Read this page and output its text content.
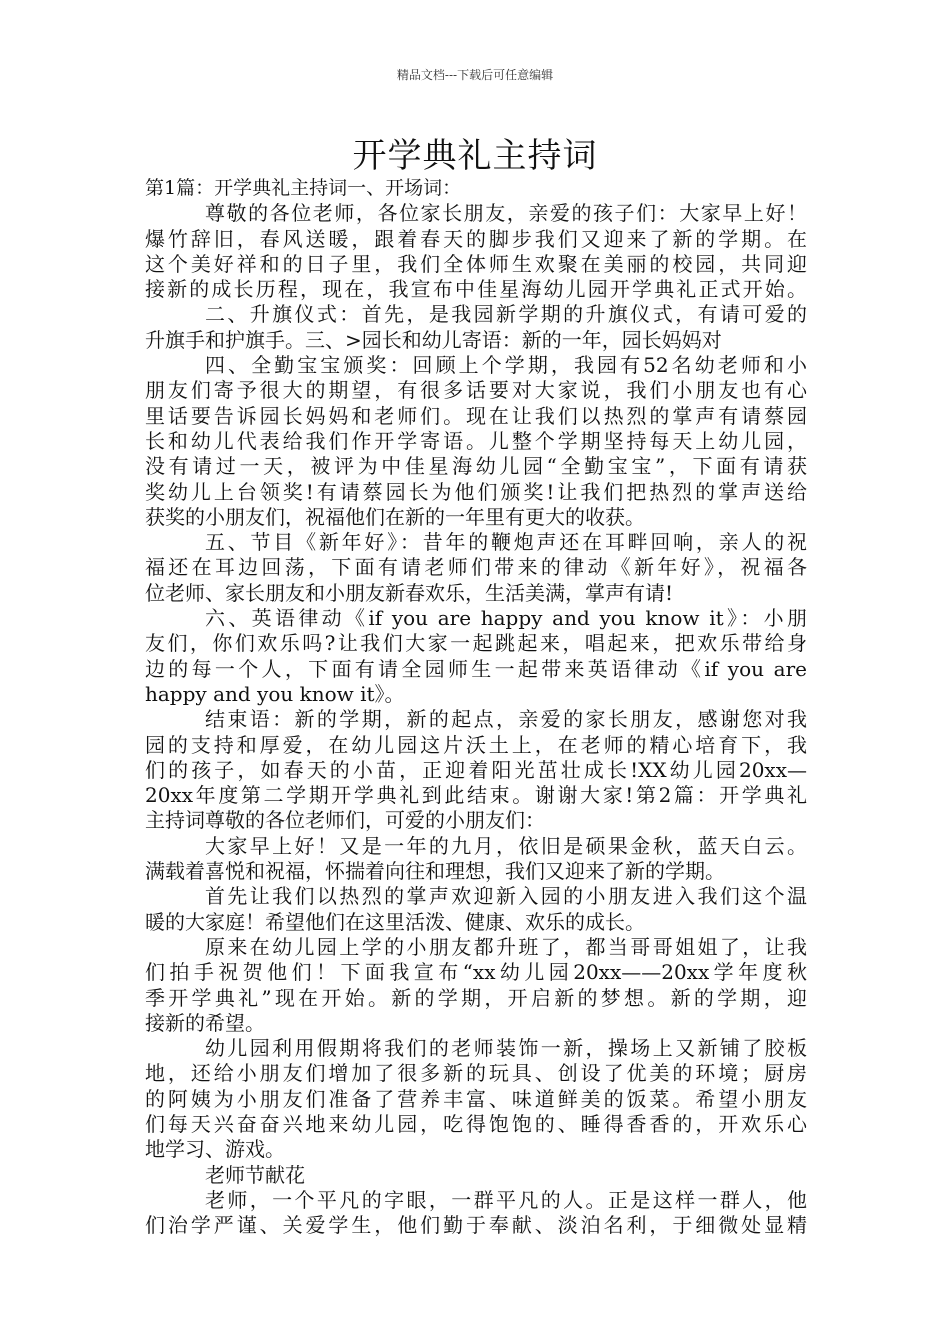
精品文档---下载后可任意编辑
开学典礼主持词
第1篇：开学典礼主持词一、开场词：
尊敬的各位老师，各位家长朋友，亲爱的孩子们：大家早上好！
爆竹辞旧，春风送暖，跟着春天的脚步我们又迎来了新的学期。在
这个美好祥和的日子里，我们全体师生欢聚在美丽的校园，共同迎
接新的成长历程，现在，我宣布中佳星海幼儿园开学典礼正式开始。
二、升旗仪式：首先，是我园新学期的升旗仪式，有请可爱的
升旗手和护旗手。三、>园长和幼儿寄语：新的一年，园长妈妈对
四、全勤宝宝颁奖：回顾上个学期，我园有52名幼老师和小
朋友们寄予很大的期望，有很多话要对大家说，我们小朋友也有心
里话要告诉园长妈妈和老师们。现在让我们以热烈的掌声有请蔡园
长和幼儿代表给我们作开学寄语。儿整个学期坚持每天上幼儿园，
没有请过一天，被评为中佳星海幼儿园“全勤宝宝”，下面有请获
奖幼儿上台领奖!有请蔡园长为他们颁奖!让我们把热烈的掌声送给
获奖的小朋友们，祝福他们在新的一年里有更大的收获。
五、节目《新年好》：昔年的鞭炮声还在耳畔回响，亲人的祝
福还在耳边回荡，下面有请老师们带来的律动《新年好》，祝福各
位老师、家长朋友和小朋友新春欢乐，生活美满，掌声有请!
六、英语律动《if you are happy and you know it》：小朋
友们，你们欢乐吗?让我们大家一起跳起来，唱起来，把欢乐带给身
边的每一个人，下面有请全园师生一起带来英语律动《if you are
happy and you know it》。
结束语：新的学期，新的起点，亲爱的家长朋友，感谢您对我
园的支持和厚爱，在幼儿园这片沃土上，在老师的精心培育下，我
们的孩子，如春天的小苗，正迎着阳光茁壮成长!XX幼儿园20xx—
20xx年度第二学期开学典礼到此结束。谢谢大家!第2篇：开学典礼
主持词尊敬的各位老师们，可爱的小朋友们：
大家早上好！又是一年的九月，依旧是硕果金秋，蓝天白云。
满载着喜悦和祝福，怀揣着向往和理想，我们又迎来了新的学期。
首先让我们以热烈的掌声欢迎新入园的小朋友进入我们这个温
暖的大家庭！希望他们在这里活泼、健康、欢乐的成长。
原来在幼儿园上学的小朋友都升班了，都当哥哥姐姐了，让我
们拍手祝贺他们！下面我宣布“xx幼儿园20xx——20xx学年度秋
季开学典礼”现在开始。新的学期，开启新的梦想。新的学期，迎
接新的希望。
幼儿园利用假期将我们的老师装饰一新，操场上又新铺了胶板
地，还给小朋友们增加了很多新的玩具、创设了优美的环境；厨房
的阿姨为小朋友们准备了营养丰富、味道鲜美的饭菜。希望小朋友
们每天兴奋奋兴地来幼儿园，吃得饱饱的、睡得香香的，开欢乐心
地学习、游戏。
老师节献花
老师，一个平凡的字眼，一群平凡的人。正是这样一群人，他
们治学严谨、关爱学生，他们勤于奉献、淡泊名利，于细微处显精
